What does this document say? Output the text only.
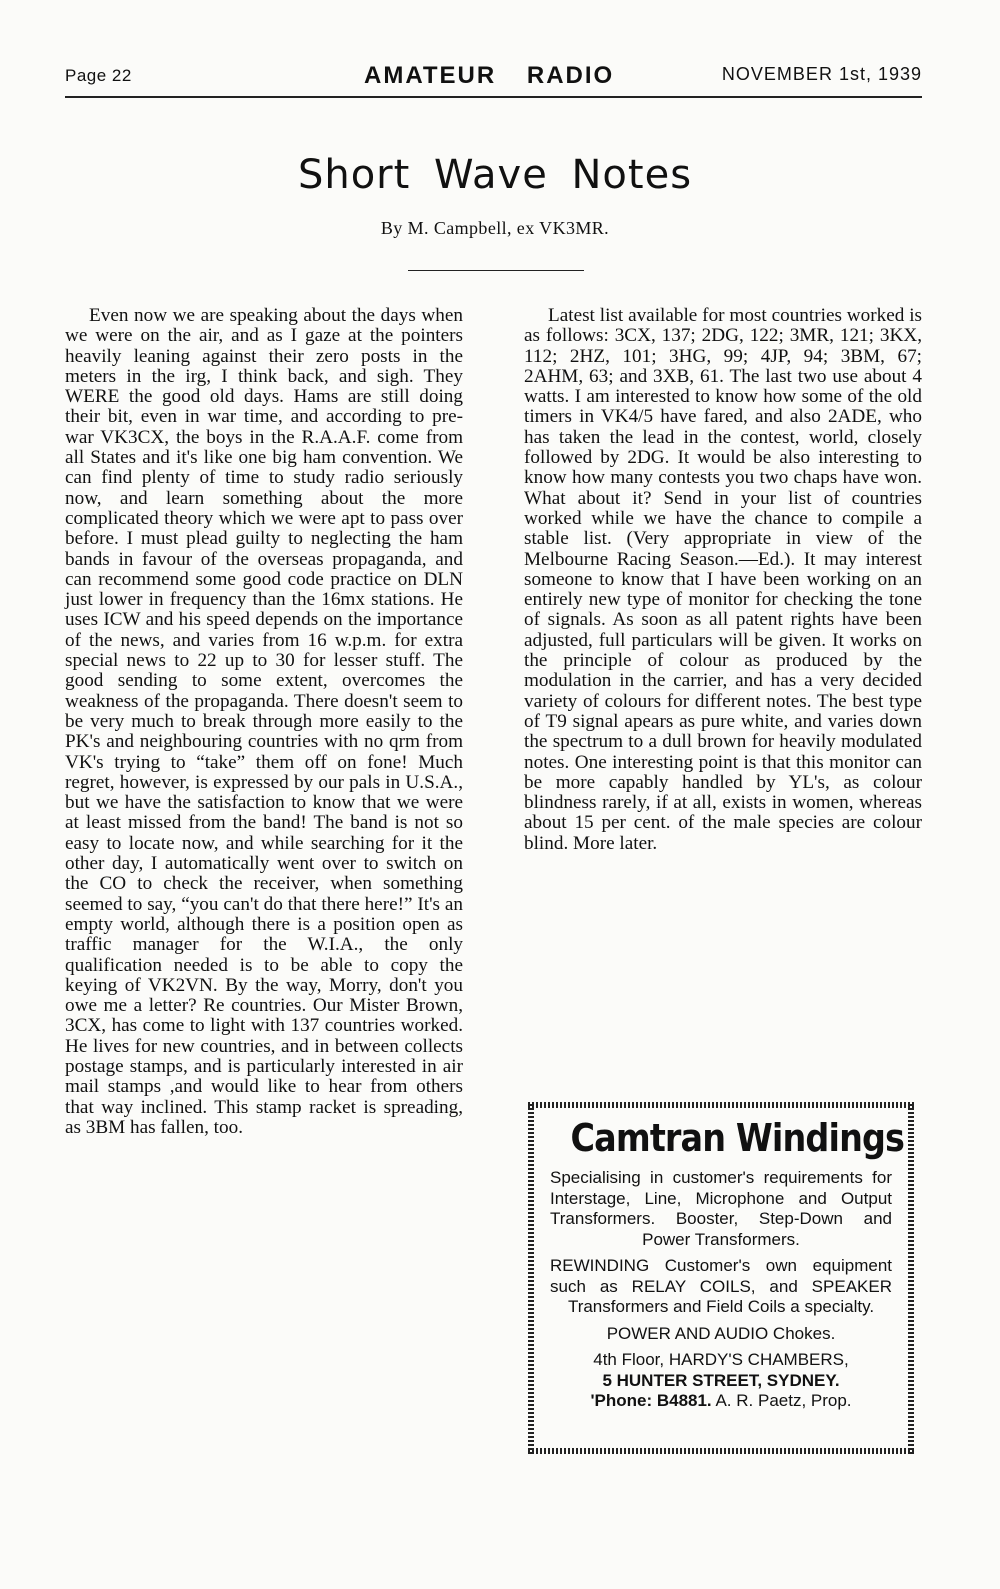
Page 22	AMATEUR RADIO	NOVEMBER 1st, 1939
Short Wave Notes
By M. Campbell, ex VK3MR.

Even now we are speaking about the days when we were on the air, and as I gaze at the pointers heavily leaning against their zero posts in the meters in the irg, I think back, and sigh. They WERE the good old days. Hams are still doing their bit, even in war time, and according to pre-war VK3CX, the boys in the R.A.A.F. come from all States and it's like one big ham convention. We can find plenty of time to study radio seriously now, and learn something about the more complicated theory which we were apt to pass over before. I must plead guilty to neglecting the ham bands in favour of the overseas propaganda, and can recommend some good code practice on DLN just lower in frequency than the 16mx stations. He uses ICW and his speed depends on the importance of the news, and varies from 16 w.p.m. for extra special news to 22 up to 30 for lesser stuff. The good sending to some extent, overcomes the weakness of the propaganda. There doesn't seem to be very much to break through more easily to the PK's and neighbouring countries with no qrm from VK's trying to “take” them off on fone! Much regret, however, is expressed by our pals in U.S.A., but we have the satisfaction to know that we were at least missed from the band! The band is not so easy to locate now, and while searching for it the other day, I automatically went over to switch on the CO to check the receiver, when something seemed to say, “you can't do that there here!” It's an empty world, although there is a position open as traffic manager for the W.I.A., the only qualification needed is to be able to copy the keying of VK2VN. By the way, Morry, don't you owe me a letter? Re countries. Our Mister Brown, 3CX, has come to light with 137 countries worked. He lives for new countries, and in between collects postage stamps, and is particularly interested in air mail stamps ,and would like to hear from others that way inclined. This stamp racket is spreading, as 3BM has fallen, too.

Latest list available for most countries worked is as follows: 3CX, 137; 2DG, 122; 3MR, 121; 3KX, 112; 2HZ, 101; 3HG, 99; 4JP, 94; 3BM, 67; 2AHM, 63; and 3XB, 61. The last two use about 4 watts. I am interested to know how some of the old timers in VK4/5 have fared, and also 2ADE, who has taken the lead in the contest, world, closely followed by 2DG. It would be also interesting to know how many contests you two chaps have won. What about it? Send in your list of countries worked while we have the chance to compile a stable list. (Very appropriate in view of the Melbourne Racing Season.—Ed.). It may interest someone to know that I have been working on an entirely new type of monitor for checking the tone of signals. As soon as all patent rights have been adjusted, full particulars will be given. It works on the principle of colour as produced by the modulation in the carrier, and has a very decided variety of colours for different notes. The best type of T9 signal apears as pure white, and varies down the spectrum to a dull brown for heavily modulated notes. One interesting point is that this monitor can be more capably handled by YL's, as colour blindness rarely, if at all, exists in women, whereas about 15 per cent. of the male species are colour blind. More later.

Camtran Windings

Specialising in customer's requirements for Interstage, Line, Microphone and Output Transformers. Booster, Step-Down and Power Transformers.

REWINDING Customer's own equipment such as RELAY COILS, and SPEAKER Transformers and Field Coils a specialty.

POWER AND AUDIO Chokes.

4th Floor, HARDY'S CHAMBERS,

5 HUNTER STREET, SYDNEY.

'Phone: B4881. A. R. Paetz, Prop.
